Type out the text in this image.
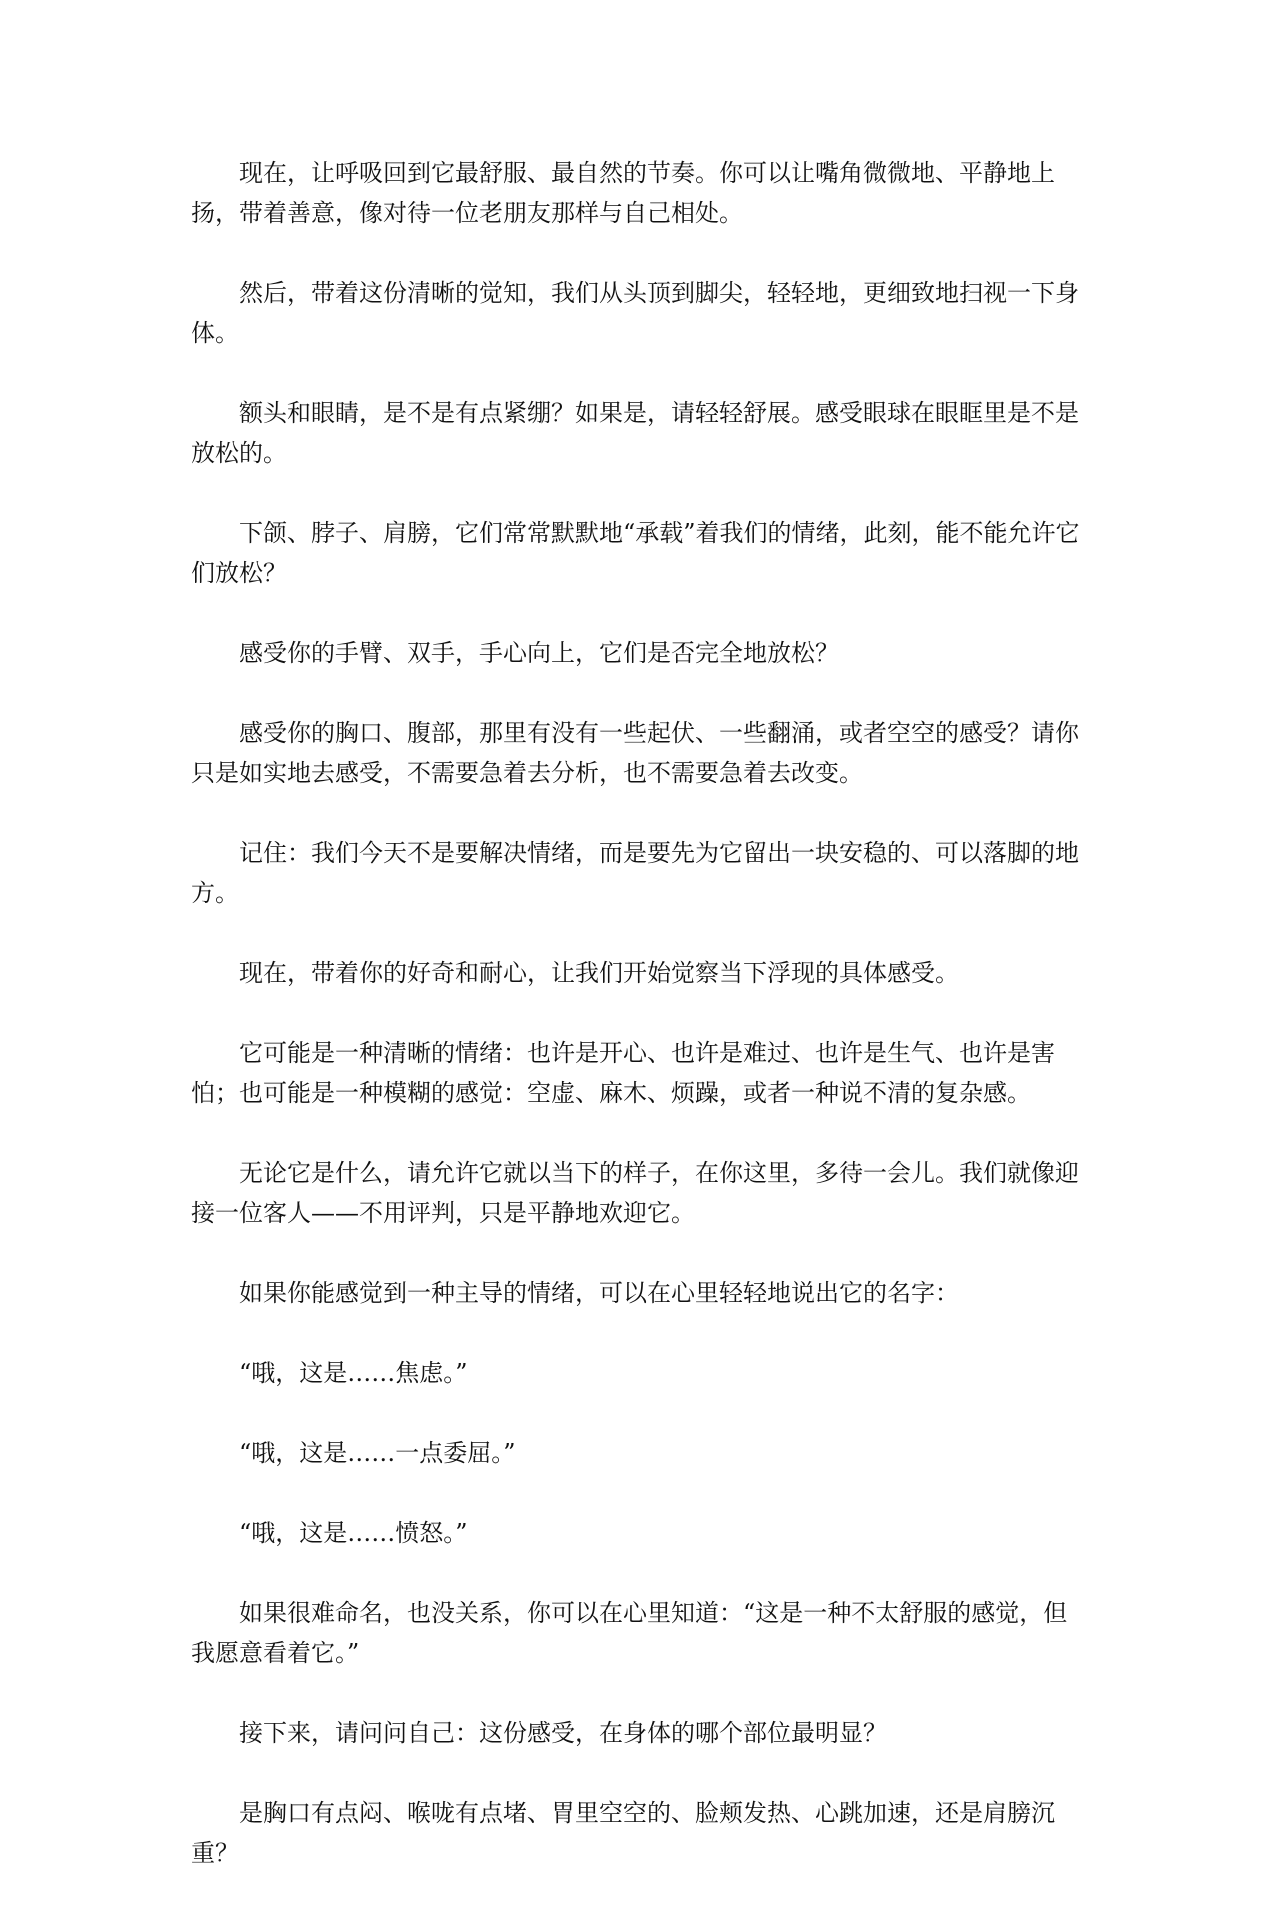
现在，让呼吸回到它最舒服、最自然的节奏。你可以让嘴角微微地、平静地上扬，带着善意，像对待一位老朋友那样与自己相处。

然后，带着这份清晰的觉知，我们从头顶到脚尖，轻轻地，更细致地扫视一下身体。

额头和眼睛，是不是有点紧绷？如果是，请轻轻舒展。感受眼球在眼眶里是不是放松的。

下颌、脖子、肩膀，它们常常默默地“承载”着我们的情绪，此刻，能不能允许它们放松？

感受你的手臂、双手，手心向上，它们是否完全地放松？

感受你的胸口、腹部，那里有没有一些起伏、一些翻涌，或者空空的感受？请你只是如实地去感受，不需要急着去分析，也不需要急着去改变。

记住：我们今天不是要解决情绪，而是要先为它留出一块安稳的、可以落脚的地方。

现在，带着你的好奇和耐心，让我们开始觉察当下浮现的具体感受。

它可能是一种清晰的情绪：也许是开心、也许是难过、也许是生气、也许是害怕；也可能是一种模糊的感觉：空虚、麻木、烦躁，或者一种说不清的复杂感。

无论它是什么，请允许它就以当下的样子，在你这里，多待一会儿。我们就像迎接一位客人——不用评判，只是平静地欢迎它。

如果你能感觉到一种主导的情绪，可以在心里轻轻地说出它的名字：

“哦，这是……焦虑。”

“哦，这是……一点委屈。”

“哦，这是……愤怒。”

如果很难命名，也没关系，你可以在心里知道：“这是一种不太舒服的感觉，但我愿意看着它。”

接下来，请问问自己：这份感受，在身体的哪个部位最明显？

是胸口有点闷、喉咙有点堵、胃里空空的、脸颊发热、心跳加速，还是肩膀沉重？
